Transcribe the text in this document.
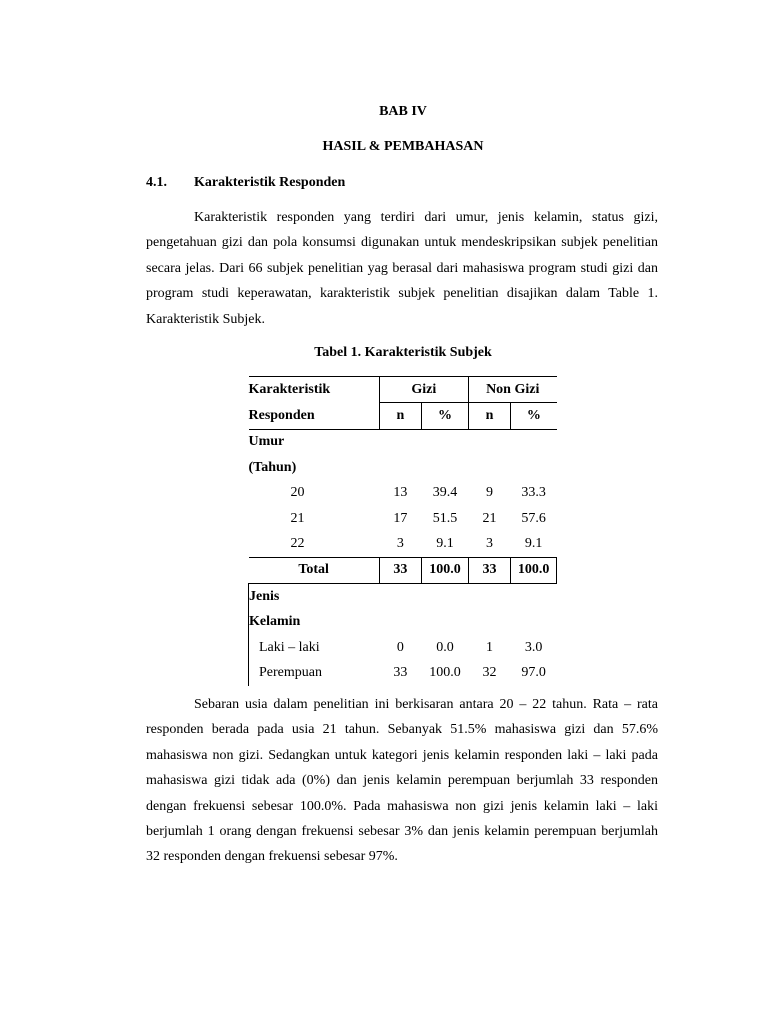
BAB IV
HASIL & PEMBAHASAN
4.1. Karakteristik Responden

Karakteristik responden yang terdiri dari umur, jenis kelamin, status gizi, pengetahuan gizi dan pola konsumsi digunakan untuk mendeskripsikan subjek penelitian secara jelas. Dari 66 subjek penelitian yag berasal dari mahasiswa program studi gizi dan program studi keperawatan, karakteristik subjek penelitian disajikan dalam Table 1. Karakteristik Subjek.

Tabel 1. Karakteristik Subjek
Karakteristik	Gizi		Non Gizi	
Responden	n	%	n	%
Umur				
(Tahun)				
20	13	39.4	9	33.3
21	17	51.5	21	57.6
22	3	9.1	3	9.1
Total	33	100.0	33	100.0
Jenis				
Kelamin				
Laki – laki	0	0.0	1	3.0
Perempuan	33	100.0	32	97.0

Sebaran usia dalam penelitian ini berkisaran antara 20 – 22 tahun. Rata – rata responden berada pada usia 21 tahun. Sebanyak 51.5% mahasiswa gizi dan 57.6% mahasiswa non gizi. Sedangkan untuk kategori jenis kelamin responden laki – laki pada mahasiswa gizi tidak ada (0%) dan jenis kelamin perempuan berjumlah 33 responden dengan frekuensi sebesar 100.0%. Pada mahasiswa non gizi jenis kelamin laki – laki berjumlah 1 orang dengan frekuensi sebesar 3% dan jenis kelamin perempuan berjumlah 32 responden dengan frekuensi sebesar 97%.
